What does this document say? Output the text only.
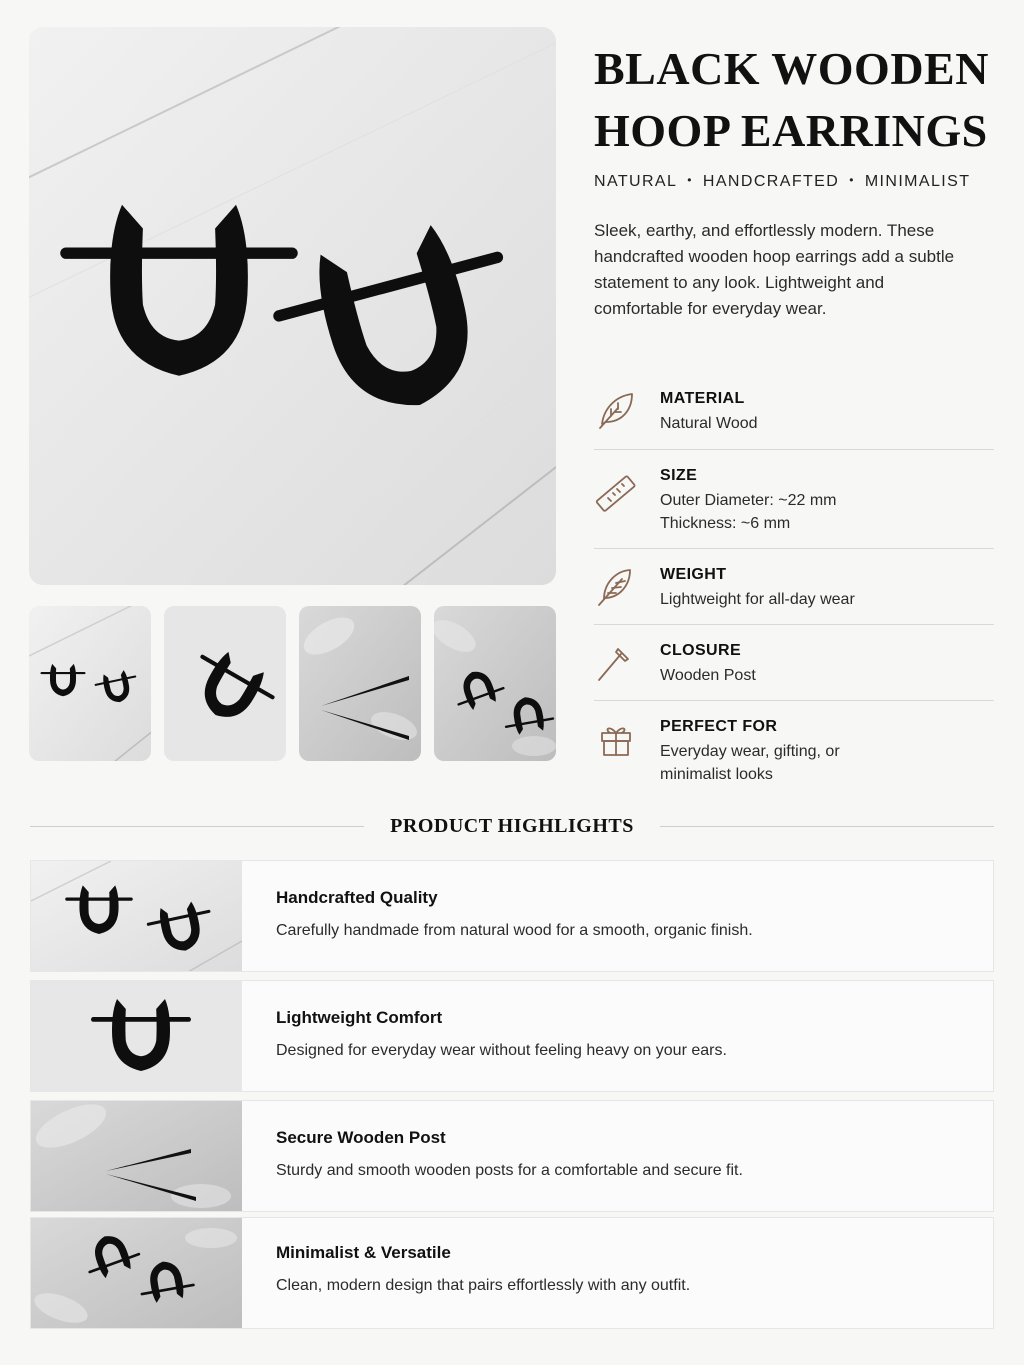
BLACK WOODEN
HOOP EARRINGS
NATURAL • HANDCRAFTED • MINIMALIST

Sleek, earthy, and effortlessly modern. These handcrafted wooden hoop earrings add a subtle statement to any look. Lightweight and comfortable for everyday wear.

MATERIAL
Natural Wood
SIZE
Outer Diameter: ~22 mm
Thickness: ~6 mm
WEIGHT
Lightweight for all-day wear
CLOSURE
Wooden Post
PERFECT FOR
Everyday wear, gifting, or
minimalist looks
PRODUCT HIGHLIGHTS
Handcrafted Quality
Carefully handmade from natural wood for a smooth, organic finish.
Lightweight Comfort
Designed for everyday wear without feeling heavy on your ears.
Secure Wooden Post
Sturdy and smooth wooden posts for a comfortable and secure fit.
Minimalist & Versatile
Clean, modern design that pairs effortlessly with any outfit.
